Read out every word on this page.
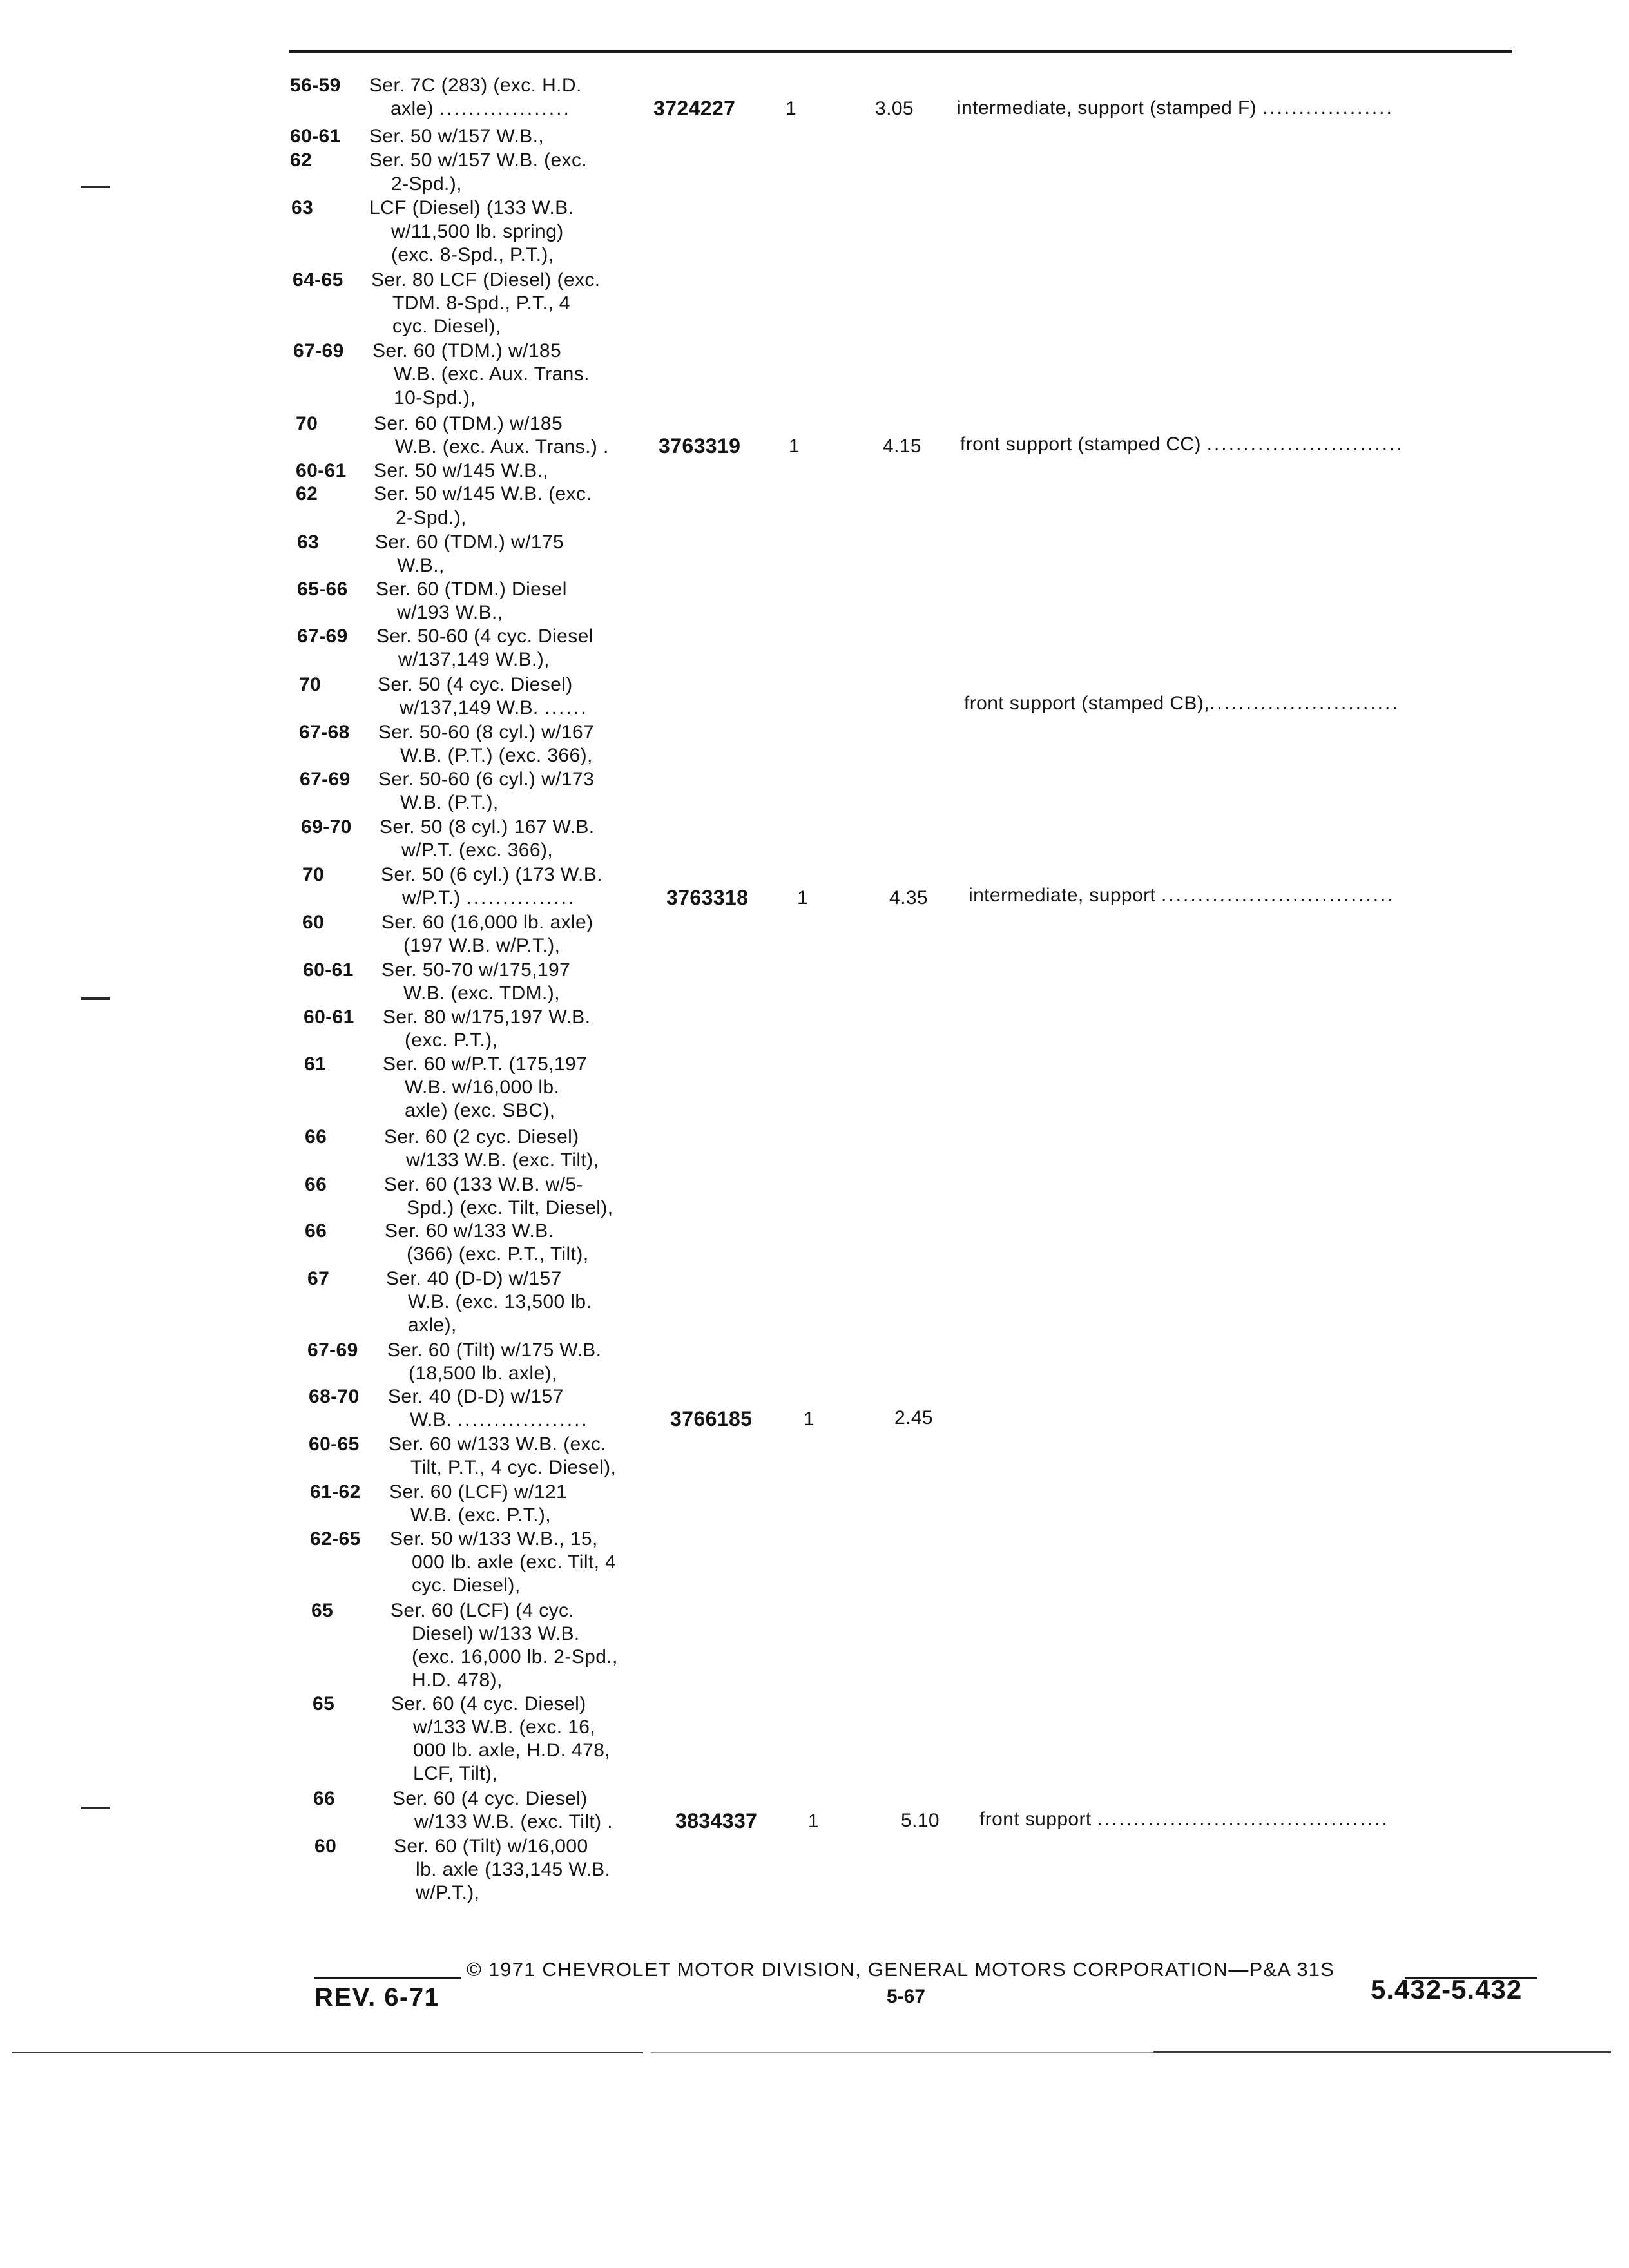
56-59 Ser. 7C (283) (exc. H.D.
axle) ..................	3724227	1	3.05 intermediate, support (stamped F) ..................
60-61 Ser. 50 w/157 W.B.,
62	Ser. 50 w/157 W.B. (exc.
2-Spd.),
63	LCF (Diesel) (133 W.B.
w/11,500 lb. spring)
(exc. 8-Spd., P.T.),
64-65 Ser. 80 LCF (Diesel) (exc.
TDM. 8-Spd., P.T., 4
cyc. Diesel),
67-69 Ser. 60 (TDM.) w/185
W.B. (exc. Aux. Trans.
10-Spd.),
70	Ser. 60 (TDM.) w/185
W.B. (exc. Aux. Trans.) . 3763319 1	4.15 front support (stamped CC) ...........................
60-61 Ser. 50 w/145 W.B.,
62	Ser. 50 w/145 W.B. (exc.
2-Spd.),
63	Ser. 60 (TDM.) w/175
W.B.,
65-66 Ser. 60 (TDM.) Diesel
w/193 W.B.,
67-69 Ser. 50-60 (4 cyc. Diesel
w/137,149 W.B.),
70	Ser. 50 (4 cyc. Diesel)
w/137,149 W.B. ......	front support (stamped CB),..........................
67-68 Ser. 50-60 (8 cyl.) w/167
W.B. (P.T.) (exc. 366),
67-69 Ser. 50-60 (6 cyl.) w/173
W.B. (P.T.),
69-70 Ser. 50 (8 cyl.) 167 W.B.
w/P.T. (exc. 366),
70	Ser. 50 (6 cyl.) (173 W.B.
w/P.T.) ...............	3763318	1	4.35 intermediate, support ................................
60	Ser. 60 (16,000 lb. axle)
(197 W.B. w/P.T.),
60-61 Ser. 50-70 w/175,197
W.B. (exc. TDM.),
60-61 Ser. 80 w/175,197 W.B.
(exc. P.T.),
61	Ser. 60 w/P.T. (175,197
W.B. w/16,000 lb.
axle) (exc. SBC),
66	Ser. 60 (2 cyc. Diesel)
w/133 W.B. (exc. Tilt),
66	Ser. 60 (133 W.B. w/5-
Spd.) (exc. Tilt, Diesel),
66	Ser. 60 w/133 W.B.
(366) (exc. P.T., Tilt),
67	Ser. 40 (D-D) w/157
W.B. (exc. 13,500 lb.
axle),
67-69 Ser. 60 (Tilt) w/175 W.B.
(18,500 lb. axle),
68-70 Ser. 40 (D-D) w/157
W.B. ..................	3766185	1	2.45
60-65 Ser. 60 w/133 W.B. (exc.
Tilt, P.T., 4 cyc. Diesel),
61-62 Ser. 60 (LCF) w/121
W.B. (exc. P.T.),
62-65 Ser. 50 w/133 W.B., 15,
000 lb. axle (exc. Tilt, 4
cyc. Diesel),
65	Ser. 60 (LCF) (4 cyc.
Diesel) w/133 W.B.
(exc. 16,000 lb. 2-Spd.,
H.D. 478),
65	Ser. 60 (4 cyc. Diesel)
w/133 W.B. (exc. 16,
000 lb. axle, H.D. 478,
LCF, Tilt),
66	Ser. 60 (4 cyc. Diesel)
w/133 W.B. (exc. Tilt) .	3834337	1	5.10 front support ........................................
60	Ser. 60 (Tilt) w/16,000
lb. axle (133,145 W.B.
w/P.T.),
© 1971 CHEVROLET MOTOR DIVISION, GENERAL MOTORS CORPORATION—P&A 31S
REV. 6-71	5-67	5.432-5.432
